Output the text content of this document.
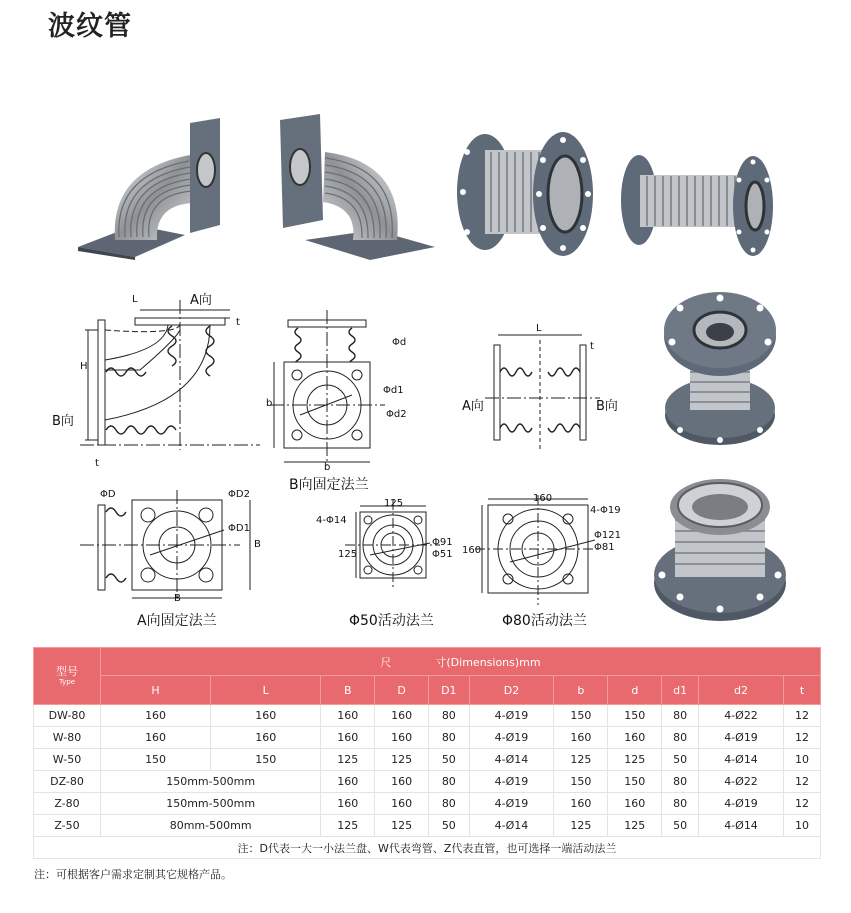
波纹管
A向
L
t
H
B向
t
Φd
b
Φd1
Φd2
b
B向固定法兰
L
t
A向	B向
ΦD	ΦD2
ΦD1
B
B
A向固定法兰
125
4-Φ14
125
Φ91
Φ51
Φ50活动法兰
160
4-Φ19
160
Φ121
Φ81
Φ80活动法兰
型号
Type	尺　　　　寸(Dimensions)mm										
	H	L	B	D	D1	D2	b	d	d1	d2	t
DW-80	160	160	160	160	80	4-Ø19	150	150	80	4-Ø22	12
W-80	160	160	160	160	80	4-Ø19	160	160	80	4-Ø19	12
W-50	150	150	125	125	50	4-Ø14	125	125	50	4-Ø14	10
DZ-80	150mm-500mm		160	160	80	4-Ø19	150	150	80	4-Ø22	12
Z-80	150mm-500mm		160	160	80	4-Ø19	160	160	80	4-Ø19	12
Z-50	80mm-500mm		125	125	50	4-Ø14	125	125	50	4-Ø14	10
注：D代表一大一小法兰盘、W代表弯管、Z代表直管，也可选择一端活动法兰											
注：可根据客户需求定制其它规格产品。
